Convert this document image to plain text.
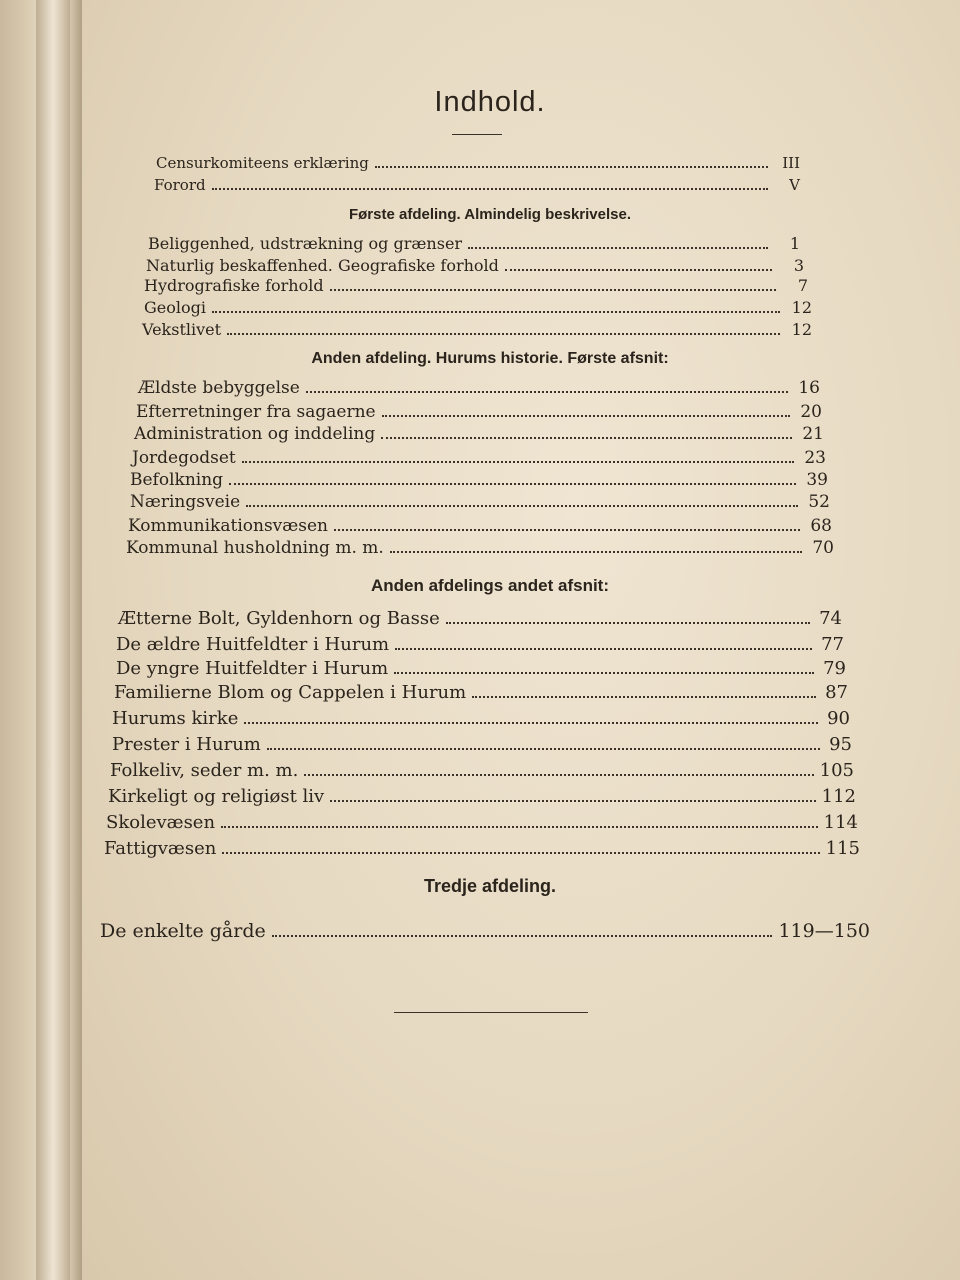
Indhold.
Censurkomiteens erklæring	III
Forord	V
Første afdeling. Almindelig beskrivelse.
Beliggenhed, udstrækning og grænser	1
Naturlig beskaffenhed. Geografiske forhold	3
Hydrografiske forhold	7
Geologi	12
Vekstlivet	12
Anden afdeling. Hurums historie. Første afsnit:
Ældste bebyggelse	16
Efterretninger fra sagaerne	20
Administration og inddeling	21
Jordegodset	23
Befolkning	39
Næringsveie	52
Kommunikationsvæsen	68
Kommunal husholdning m. m.	70
Anden afdelings andet afsnit:
Ætterne Bolt, Gyldenhorn og Basse	74
De ældre Huitfeldter i Hurum	77
De yngre Huitfeldter i Hurum	79
Familierne Blom og Cappelen i Hurum	87
Hurums kirke	90
Prester i Hurum	95
Folkeliv, seder m. m.	105
Kirkeligt og religiøst liv	112
Skolevæsen	114
Fattigvæsen	115
Tredje afdeling.
De enkelte gårde	119—150
